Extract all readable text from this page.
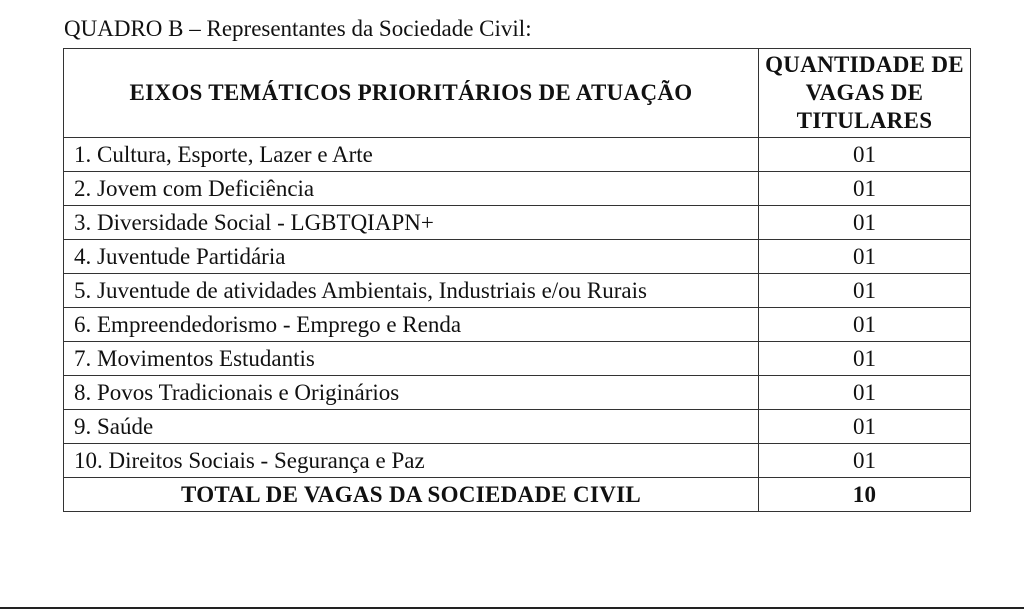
QUADRO B – Representantes da Sociedade Civil:
EIXOS TEMÁTICOS PRIORITÁRIOS DE ATUAÇÃO	QUANTIDADE DE VAGAS DE TITULARES
1. Cultura, Esporte, Lazer e Arte	01
2. Jovem com Deficiência	01
3. Diversidade Social - LGBTQIAPN+	01
4. Juventude Partidária	01
5. Juventude de atividades Ambientais, Industriais e/ou Rurais	01
6. Empreendedorismo - Emprego e Renda	01
7. Movimentos Estudantis	01
8. Povos Tradicionais e Originários	01
9. Saúde	01
10. Direitos Sociais - Segurança e Paz	01
TOTAL DE VAGAS DA SOCIEDADE CIVIL	10
